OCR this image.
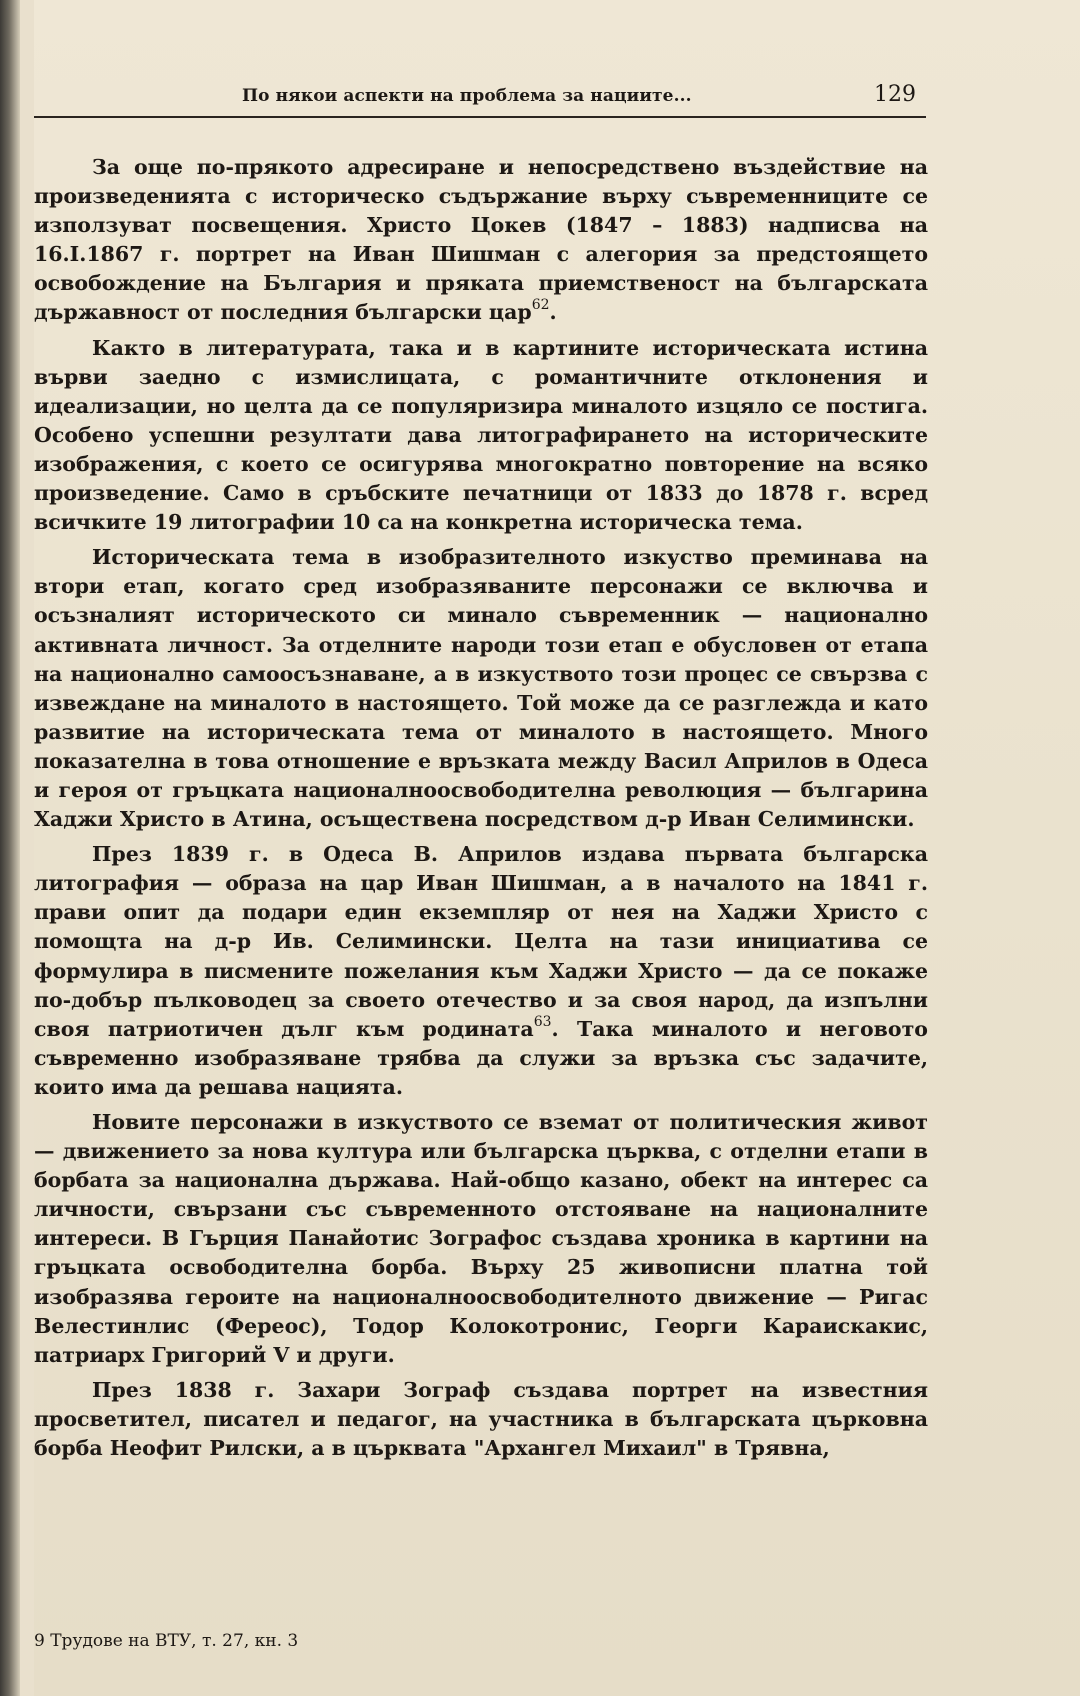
По някои аспекти на проблема за нациите...	129

За още по-прякото адресиране и непосредствено въздействие на произведенията с историческо съдържание върху съвременниците се използуват посвещения. Христо Цокев (1847 – 1883) надписва на 16.I.1867 г. портрет на Иван Шишман с алегория за предстоящето освобождение на България и пряката приемственост на българската държавност от последния български цар$^{62}$.

Както в литературата, така и в картините историческата истина върви заедно с измислицата, с романтичните отклонения и идеализации, но целта да се популяризира миналото изцяло се постига. Особено успешни резултати дава литографирането на историческите изображения, с което се осигурява многократно повторение на всяко произведение. Само в сръбските печатници от 1833 до 1878 г. всред всичките 19 литографии 10 са на конкретна историческа тема.

Историческата тема в изобразителното изкуство преминава на втори етап, когато сред изобразяваните персонажи се включва и осъзналият историческото си минало съвременник — национално активната личност. За отделните народи този етап е обусловен от етапа на национално самоосъзнаване, а в изкуството този процес се свързва с извеждане на миналото в настоящето. Той може да се разглежда и като развитие на историческата тема от миналото в настоящето. Много показателна в това отношение е връзката между Васил Априлов в Одеса и героя от гръцката националноосвободителна революция — българина Хаджи Христо в Атина, осъществена посредством д-р Иван Селимински.

През 1839 г. в Одеса В. Априлов издава първата българска литография — образа на цар Иван Шишман, а в началото на 1841 г. прави опит да подари един екземпляр от нея на Хаджи Христо с помощта на д-р Ив. Селимински. Целта на тази инициатива се формулира в писмените пожелания към Хаджи Христо — да се покаже по-добър пълководец за своето отечество и за своя народ, да изпълни своя патриотичен дълг към родината$^{63}$. Така миналото и неговото съвременно изобразяване трябва да служи за връзка със задачите, които има да решава нацията.

Новите персонажи в изкуството се вземат от политическия живот — движението за нова култура или българска църква, с отделни етапи в борбата за национална държава. Най-общо казано, обект на интерес са личности, свързани със съвременното отстояване на националните интереси. В Гърция Панайотис Зографос създава хроника в картини на гръцката освободителна борба. Върху 25 живописни платна той изобразява героите на националноосвободителното движение — Ригас Велестинлис (Фереос), Тодор Колокотронис, Георги Караискакис, патриарх Григорий V и други.

През 1838 г. Захари Зограф създава портрет на известния просветител, писател и педагог, на участника в българската църковна борба Неофит Рилски, а в църквата "Архангел Михаил" в Трявна,

9 Трудове на ВТУ, т. 27, кн. 3
